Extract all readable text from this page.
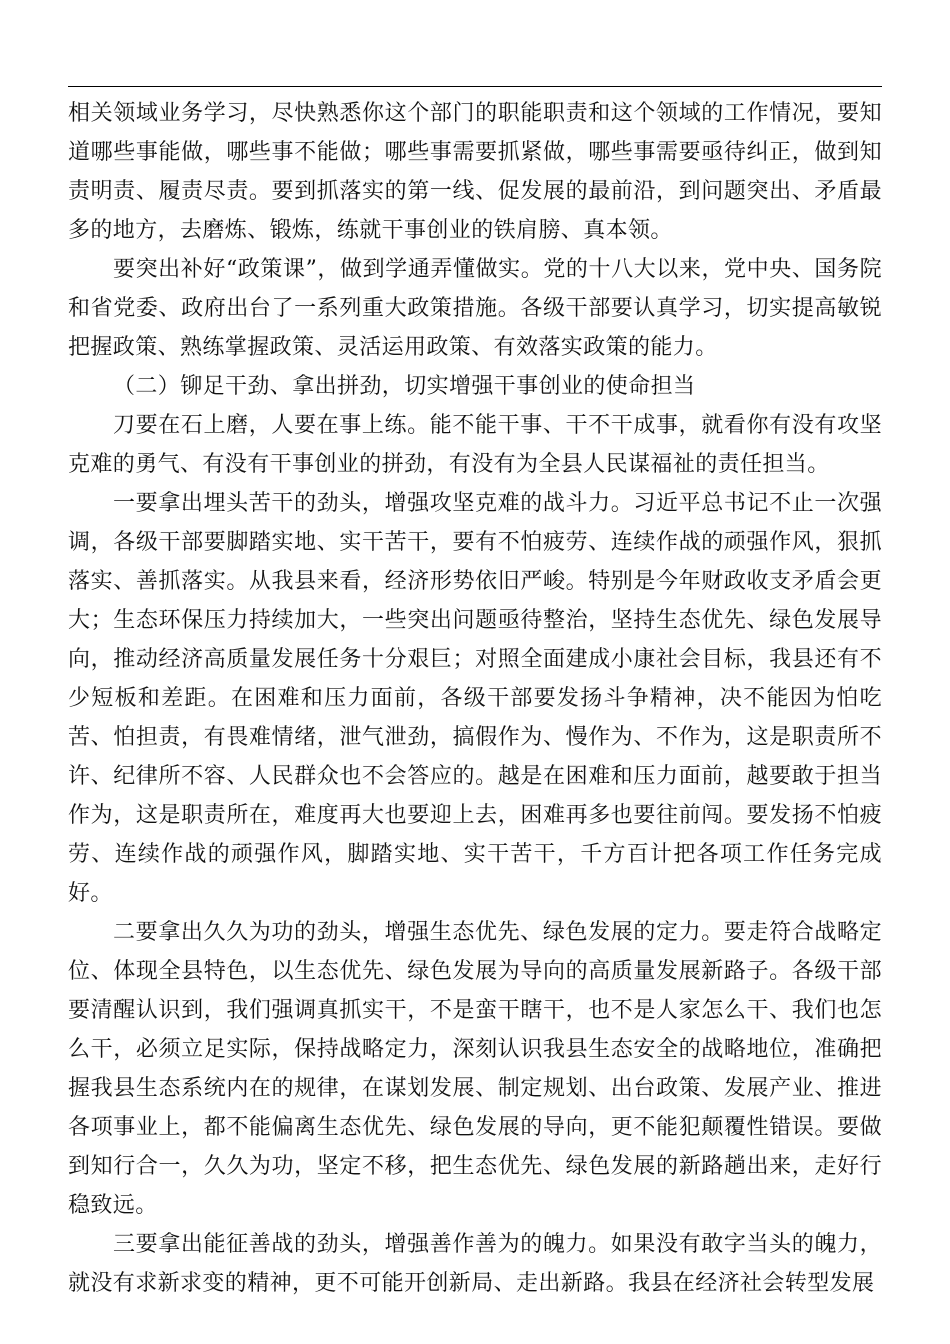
相关领域业务学习，尽快熟悉你这个部门的职能职责和这个领域的工作情况，要知道哪些事能做，哪些事不能做；哪些事需要抓紧做，哪些事需要亟待纠正，做到知责明责、履责尽责。要到抓落实的第一线、促发展的最前沿，到问题突出、矛盾最多的地方，去磨炼、锻炼，练就干事创业的铁肩膀、真本领。

要突出补好“政策课”，做到学通弄懂做实。党的十八大以来，党中央、国务院和省党委、政府出台了一系列重大政策措施。各级干部要认真学习，切实提高敏锐把握政策、熟练掌握政策、灵活运用政策、有效落实政策的能力。

（二）铆足干劲、拿出拼劲，切实增强干事创业的使命担当

刀要在石上磨，人要在事上练。能不能干事、干不干成事，就看你有没有攻坚克难的勇气、有没有干事创业的拼劲，有没有为全县人民谋福祉的责任担当。

一要拿出埋头苦干的劲头，增强攻坚克难的战斗力。习近平总书记不止一次强调，各级干部要脚踏实地、实干苦干，要有不怕疲劳、连续作战的顽强作风，狠抓落实、善抓落实。从我县来看，经济形势依旧严峻。特别是今年财政收支矛盾会更大；生态环保压力持续加大，一些突出问题亟待整治，坚持生态优先、绿色发展导向，推动经济高质量发展任务十分艰巨；对照全面建成小康社会目标，我县还有不少短板和差距。在困难和压力面前，各级干部要发扬斗争精神，决不能因为怕吃苦、怕担责，有畏难情绪，泄气泄劲，搞假作为、慢作为、不作为，这是职责所不许、纪律所不容、人民群众也不会答应的。越是在困难和压力面前，越要敢于担当作为，这是职责所在，难度再大也要迎上去，困难再多也要往前闯。要发扬不怕疲劳、连续作战的顽强作风，脚踏实地、实干苦干，千方百计把各项工作任务完成好。

二要拿出久久为功的劲头，增强生态优先、绿色发展的定力。要走符合战略定位、体现全县特色，以生态优先、绿色发展为导向的高质量发展新路子。各级干部要清醒认识到，我们强调真抓实干，不是蛮干瞎干，也不是人家怎么干、我们也怎么干，必须立足实际，保持战略定力，深刻认识我县生态安全的战略地位，准确把握我县生态系统内在的规律，在谋划发展、制定规划、出台政策、发展产业、推进各项事业上，都不能偏离生态优先、绿色发展的导向，更不能犯颠覆性错误。要做到知行合一，久久为功，坚定不移，把生态优先、绿色发展的新路趟出来，走好行稳致远。

三要拿出能征善战的劲头，增强善作善为的魄力。如果没有敢字当头的魄力，就没有求新求变的精神，更不可能开创新局、走出新路。我县在经济社会转型发展
